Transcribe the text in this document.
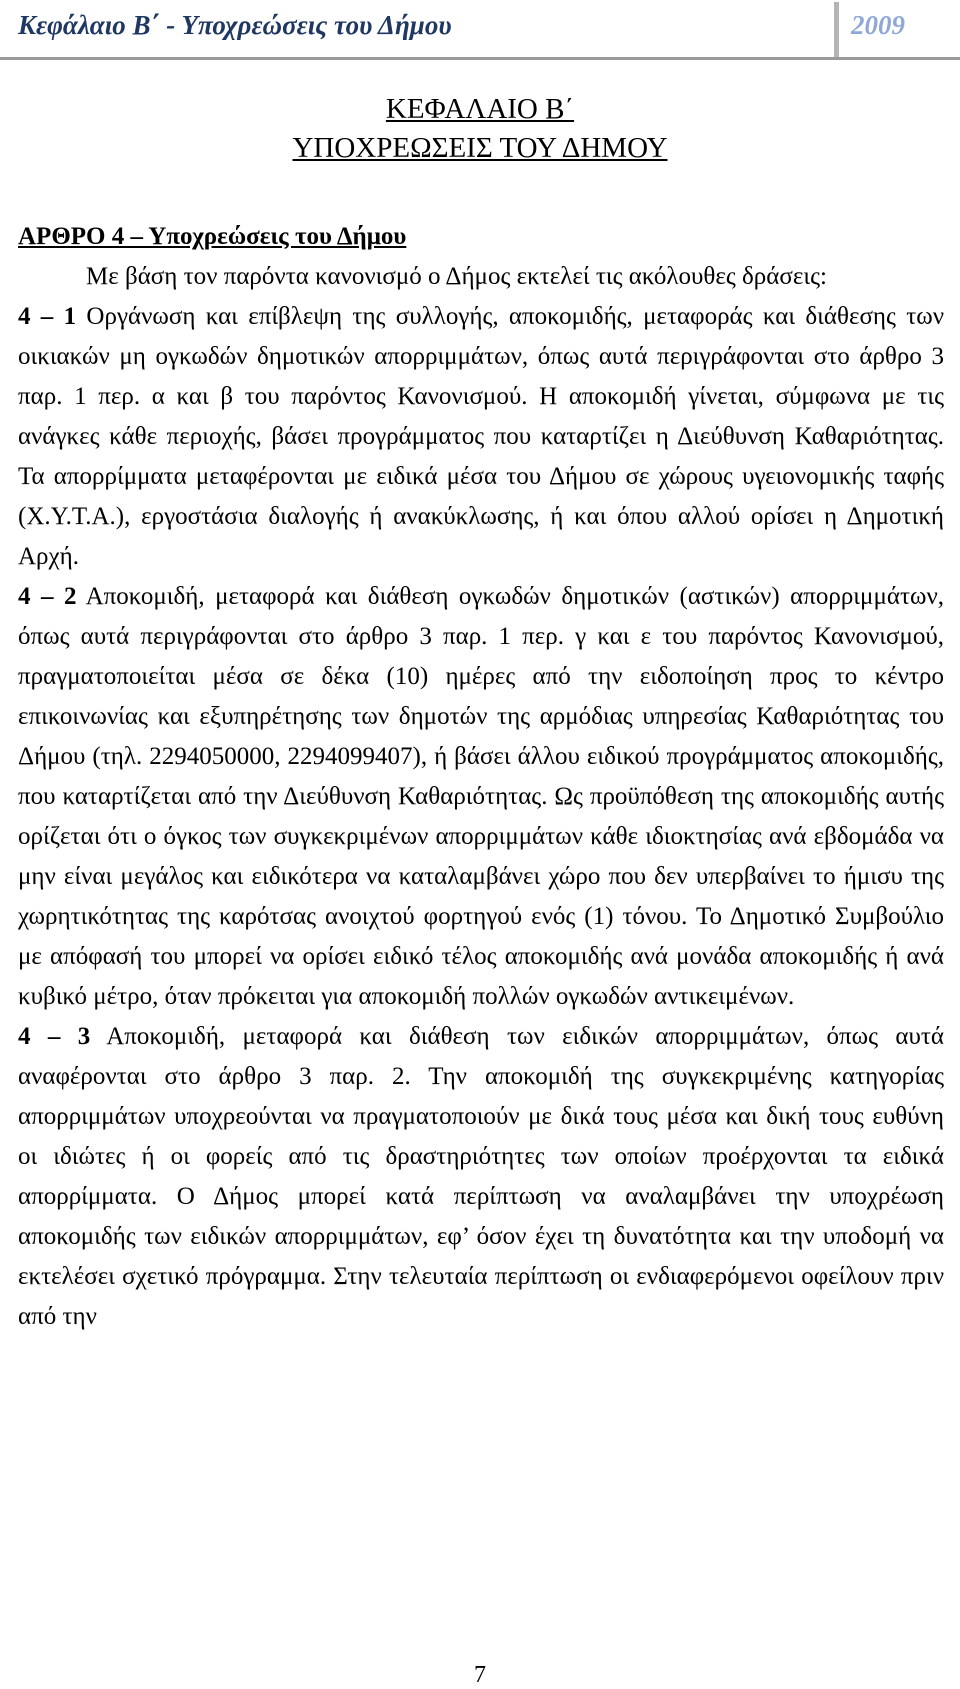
Κεφάλαιο Β΄ - Υποχρεώσεις του Δήμου	2009
ΚΕΦΑΛΑΙΟ Β΄
ΥΠΟΧΡΕΩΣΕΙΣ ΤΟΥ ΔΗΜΟΥ

ΑΡΘΡΟ 4 – Υποχρεώσεις του Δήμου

Με βάση τον παρόντα κανονισμό ο Δήμος εκτελεί τις ακόλουθες δράσεις:

4 – 1 Οργάνωση και επίβλεψη της συλλογής, αποκομιδής, μεταφοράς και διάθεσης των οικιακών μη ογκωδών δημοτικών απορριμμάτων, όπως αυτά περιγράφονται στο άρθρο 3 παρ. 1 περ. α και β του παρόντος Κανονισμού. Η αποκομιδή γίνεται, σύμφωνα με τις ανάγκες κάθε περιοχής, βάσει προγράμματος που καταρτίζει η Διεύθυνση Καθαριότητας. Τα απορρίμματα μεταφέρονται με ειδικά μέσα του Δήμου σε χώρους υγειονομικής ταφής (Χ.Υ.Τ.Α.), εργοστάσια διαλογής ή ανακύκλωσης, ή και όπου αλλού ορίσει η Δημοτική Αρχή.

4 – 2 Αποκομιδή, μεταφορά και διάθεση ογκωδών δημοτικών (αστικών) απορριμμάτων, όπως αυτά περιγράφονται στο άρθρο 3 παρ. 1 περ. γ και ε του παρόντος Κανονισμού, πραγματοποιείται μέσα σε δέκα (10) ημέρες από την ειδοποίηση προς το κέντρο επικοινωνίας και εξυπηρέτησης των δημοτών της αρμόδιας υπηρεσίας Καθαριότητας του Δήμου (τηλ. 2294050000, 2294099407), ή βάσει άλλου ειδικού προγράμματος αποκομιδής, που καταρτίζεται από την Διεύθυνση Καθαριότητας. Ως προϋπόθεση της αποκομιδής αυτής ορίζεται ότι ο όγκος των συγκεκριμένων απορριμμάτων κάθε ιδιοκτησίας ανά εβδομάδα να μην είναι μεγάλος και ειδικότερα να καταλαμβάνει χώρο που δεν υπερβαίνει το ήμισυ της χωρητικότητας της καρότσας ανοιχτού φορτηγού ενός (1) τόνου. Το Δημοτικό Συμβούλιο με απόφασή του μπορεί να ορίσει ειδικό τέλος αποκομιδής ανά μονάδα αποκομιδής ή ανά κυβικό μέτρο, όταν πρόκειται για αποκομιδή πολλών ογκωδών αντικειμένων.

4 – 3 Αποκομιδή, μεταφορά και διάθεση των ειδικών απορριμμάτων, όπως αυτά αναφέρονται στο άρθρο 3 παρ. 2. Την αποκομιδή της συγκεκριμένης κατηγορίας απορριμμάτων υποχρεούνται να πραγματοποιούν με δικά τους μέσα και δική τους ευθύνη οι ιδιώτες ή οι φορείς από τις δραστηριότητες των οποίων προέρχονται τα ειδικά απορρίμματα. Ο Δήμος μπορεί κατά περίπτωση να αναλαμβάνει την υποχρέωση αποκομιδής των ειδικών απορριμμάτων, εφ’ όσον έχει τη δυνατότητα και την υποδομή να εκτελέσει σχετικό πρόγραμμα. Στην τελευταία περίπτωση οι ενδιαφερόμενοι οφείλουν πριν από την

7
